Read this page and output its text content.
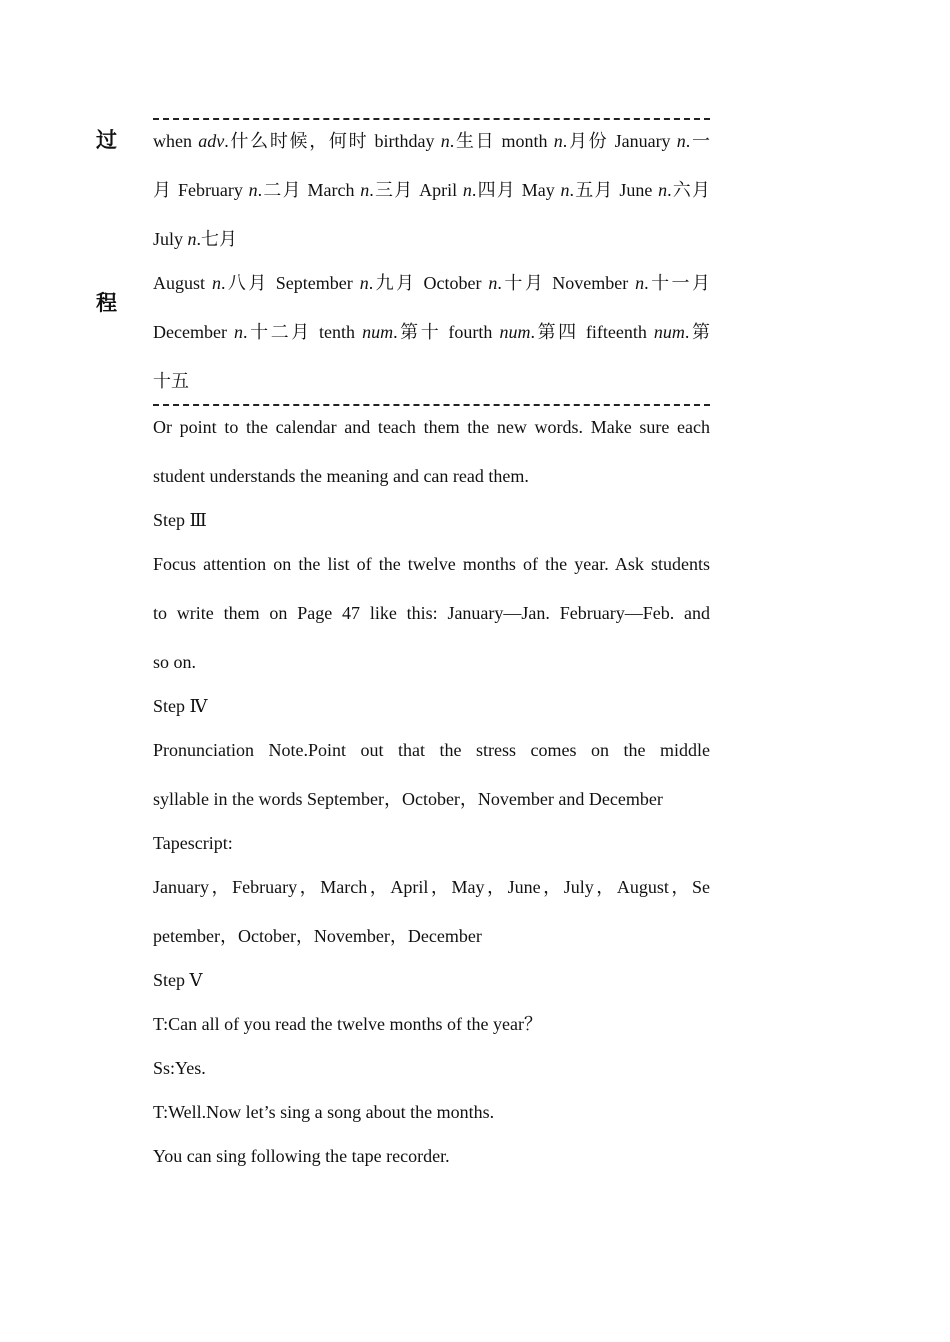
过
程
when adv.什么时候，何时 birthday n.生日 month n.月份 January n.一
月 February n.二月 March n.三月 April n.四月 May n.五月 June n.六月
July n.七月
August n.八月 September n.九月 October n.十月 November n.十一月
December n.十二月 tenth num.第十 fourth num.第四 fifteenth num.第
十五
Or point to the calendar and teach them the new words. Make sure each
student understands the meaning and can read them.
Step Ⅲ
Focus attention on the list of the twelve months of the year. Ask students
to write them on Page 47 like this: January—Jan. February—Feb. and
so on.
Step Ⅳ
Pronunciation Note.Point out that the stress comes on the middle
syllable in the words September，October，November and December
Tapescript:
January，February，March，April，May，June，July，August，Se
petember，October，November，December
Step Ⅴ
T:Can all of you read the twelve months of the year？
Ss:Yes.
T:Well.Now let’s sing a song about the months.
You can sing following the tape recorder.
